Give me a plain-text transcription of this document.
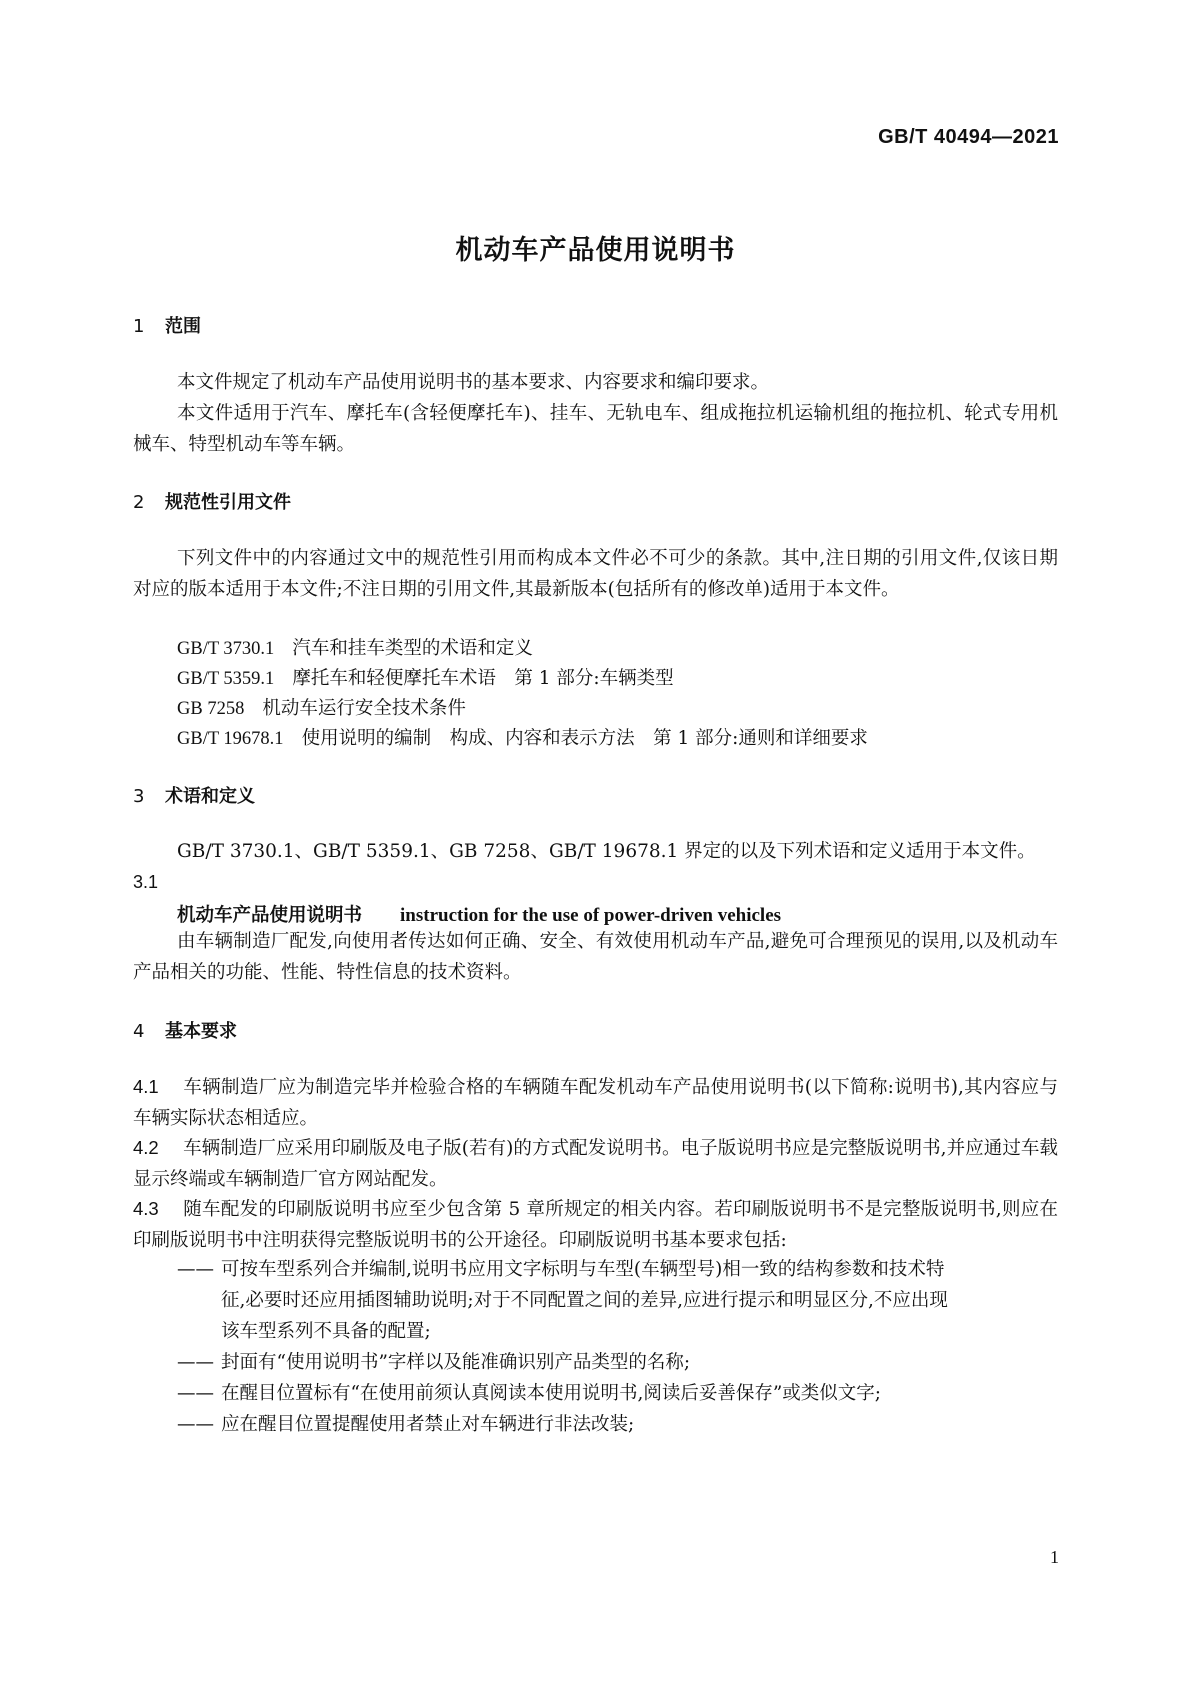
GB/T 40494—2021
机动车产品使用说明书
1 范围
本文件规定了机动车产品使用说明书的基本要求、内容要求和编印要求。
本文件适用于汽车、摩托车(含轻便摩托车)、挂车、无轨电车、组成拖拉机运输机组的拖拉机、轮式专用机械车、特型机动车等车辆。
2 规范性引用文件
下列文件中的内容通过文中的规范性引用而构成本文件必不可少的条款。其中,注日期的引用文件,仅该日期对应的版本适用于本文件;不注日期的引用文件,其最新版本(包括所有的修改单)适用于本文件。
GB/T 3730.1 汽车和挂车类型的术语和定义
GB/T 5359.1 摩托车和轻便摩托车术语　第 1 部分:车辆类型
GB 7258 机动车运行安全技术条件
GB/T 19678.1 使用说明的编制　构成、内容和表示方法　第 1 部分:通则和详细要求
3 术语和定义
GB/T 3730.1、GB/T 5359.1、GB 7258、GB/T 19678.1 界定的以及下列术语和定义适用于本文件。
3.1
机动车产品使用说明书 instruction for the use of power-driven vehicles
由车辆制造厂配发,向使用者传达如何正确、安全、有效使用机动车产品,避免可合理预见的误用,以及机动车产品相关的功能、性能、特性信息的技术资料。
4 基本要求
4.1 车辆制造厂应为制造完毕并检验合格的车辆随车配发机动车产品使用说明书(以下简称:说明书),其内容应与车辆实际状态相适应。
4.2 车辆制造厂应采用印刷版及电子版(若有)的方式配发说明书。电子版说明书应是完整版说明书,并应通过车载显示终端或车辆制造厂官方网站配发。
4.3 随车配发的印刷版说明书应至少包含第 5 章所规定的相关内容。若印刷版说明书不是完整版说明书,则应在印刷版说明书中注明获得完整版说明书的公开途径。印刷版说明书基本要求包括:
—— 可按车型系列合并编制,说明书应用文字标明与车型(车辆型号)相一致的结构参数和技术特
征,必要时还应用插图辅助说明;对于不同配置之间的差异,应进行提示和明显区分,不应出现
该车型系列不具备的配置;
—— 封面有“使用说明书”字样以及能准确识别产品类型的名称;
—— 在醒目位置标有“在使用前须认真阅读本使用说明书,阅读后妥善保存”或类似文字;
—— 应在醒目位置提醒使用者禁止对车辆进行非法改装;
1
